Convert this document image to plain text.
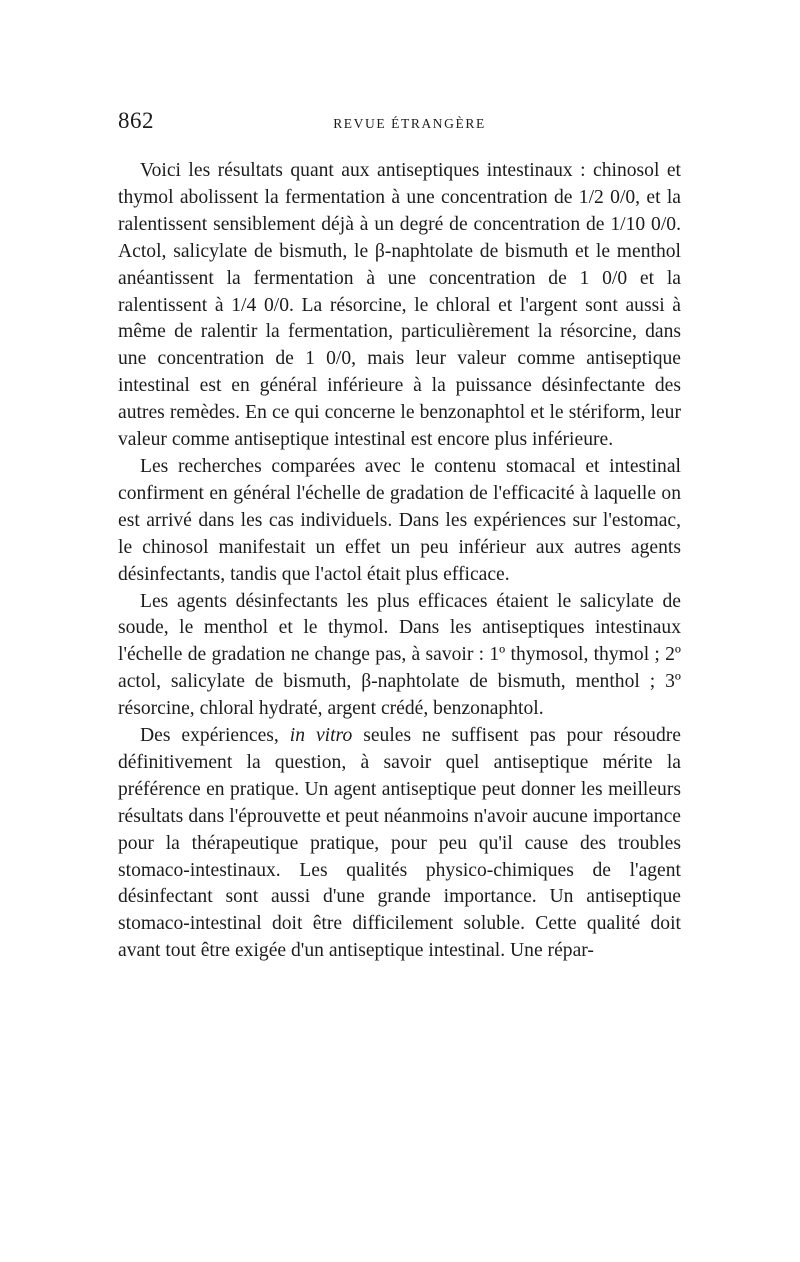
862	REVUE ÉTRANGÈRE

Voici les résultats quant aux antiseptiques intestinaux : chinosol et thymol abolissent la fermentation à une concentration de 1/2 0/0, et la ralentissent sensiblement déjà à un degré de concentration de 1/10 0/0. Actol, salicylate de bismuth, le β-naphtolate de bismuth et le menthol anéantissent la fermentation à une concentration de 1 0/0 et la ralentissent à 1/4 0/0. La résorcine, le chloral et l'argent sont aussi à même de ralentir la fermentation, particulièrement la résorcine, dans une concentration de 1 0/0, mais leur valeur comme antiseptique intestinal est en général inférieure à la puissance désinfectante des autres remèdes. En ce qui concerne le benzonaphtol et le stériform, leur valeur comme antiseptique intestinal est encore plus inférieure.

Les recherches comparées avec le contenu stomacal et intestinal confirment en général l'échelle de gradation de l'efficacité à laquelle on est arrivé dans les cas individuels. Dans les expériences sur l'estomac, le chinosol manifestait un effet un peu inférieur aux autres agents désinfectants, tandis que l'actol était plus efficace.

Les agents désinfectants les plus efficaces étaient le salicylate de soude, le menthol et le thymol. Dans les antiseptiques intestinaux l'échelle de gradation ne change pas, à savoir : 1º thymosol, thymol ; 2º actol, salicylate de bismuth, β-naphtolate de bismuth, menthol ; 3º résorcine, chloral hydraté, argent crédé, benzonaphtol.

Des expériences, in vitro seules ne suffisent pas pour résoudre définitivement la question, à savoir quel antiseptique mérite la préférence en pratique. Un agent antiseptique peut donner les meilleurs résultats dans l'éprouvette et peut néanmoins n'avoir aucune importance pour la thérapeutique pratique, pour peu qu'il cause des troubles stomaco-intestinaux. Les qualités physico-chimiques de l'agent désinfectant sont aussi d'une grande importance. Un antiseptique stomaco-intestinal doit être difficilement soluble. Cette qualité doit avant tout être exigée d'un antiseptique intestinal. Une répar-
